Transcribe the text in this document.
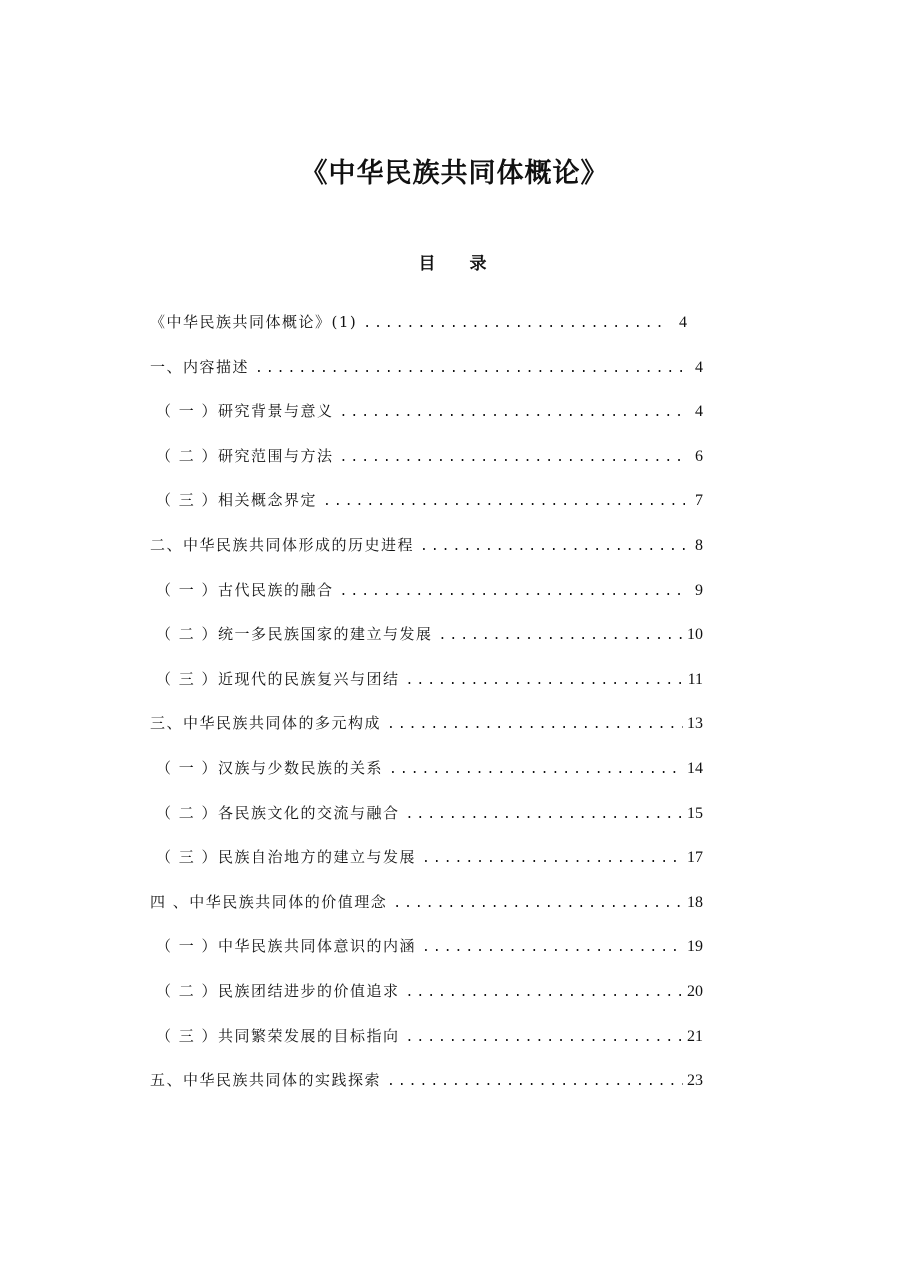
《中华民族共同体概论》
目 录
《中华民族共同体概论》(1) .....	4
一、内容描述 .....	4
（ 一 ）研究背景与意义 .....	4
（ 二 ）研究范围与方法 .....	6
（ 三 ）相关概念界定 .....	7
二、中华民族共同体形成的历史进程 .....	8
（ 一 ）古代民族的融合 .....	9
（ 二 ）统一多民族国家的建立与发展 .....	10
（ 三 ）近现代的民族复兴与团结 .....	11
三、中华民族共同体的多元构成 .....	13
（ 一 ）汉族与少数民族的关系 .....	14
（ 二 ）各民族文化的交流与融合 .....	15
（ 三 ）民族自治地方的建立与发展 .....	17
四 、中华民族共同体的价值理念 .....	18
（ 一 ）中华民族共同体意识的内涵 .....	19
（ 二 ）民族团结进步的价值追求 .....	20
（ 三 ）共同繁荣发展的目标指向 .....	21
五、中华民族共同体的实践探索 .....	23
